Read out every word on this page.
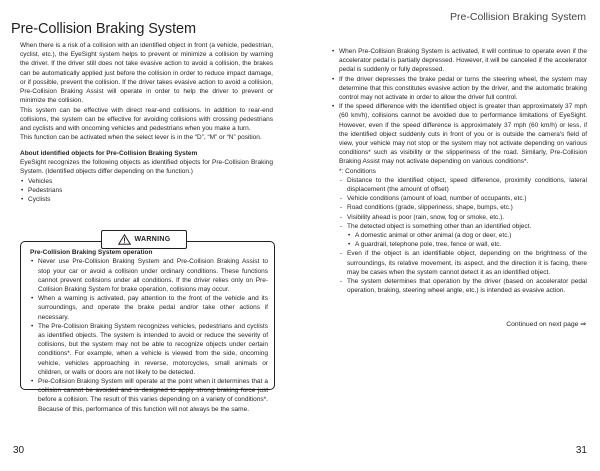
Pre-Collision Braking System
Pre-Collision Braking System

When there is a risk of a collision with an identified object in front (a vehicle, pedestrian, cyclist, etc.), the EyeSight system helps to prevent or minimize a collision by warning the driver. If the driver still does not take evasive action to avoid a collision, the brakes can be automatically applied just before the collision in order to reduce impact damage, or if possible, prevent the collision. If the driver takes evasive action to avoid a collision, Pre-Collision Braking Assist will operate in order to help the driver to prevent or minimize the collision.

This system can be effective with direct rear-end collisions. In addition to rear-end collisions, the system can be effective for avoiding collisions with crossing pedestrians and cyclists and with oncoming vehicles and pedestrians when you make a turn.

This function can be activated when the select lever is in the “D”, “M” or “N” position.

About identified objects for Pre-Collision Braking System

EyeSight recognizes the following objects as identified objects for Pre-Collision Braking System. (Identified objects differ depending on the function.)

• Vehicles
• Pedestrians
• Cyclists
WARNING

Pre-Collision Braking System operation

• Never use Pre-Collision Braking System and Pre-Collision Braking Assist to stop your car or avoid a collision under ordinary conditions. These functions cannot prevent collisions under all conditions. If the driver relies only on Pre-Collision Braking System for brake operation, collisions may occur.
• When a warning is activated, pay attention to the front of the vehicle and its surroundings, and operate the brake pedal and/or take other actions if necessary.
• The Pre-Collision Braking System recognizes vehicles, pedestrians and cyclists as identified objects. The system is intended to avoid or reduce the severity of collisions, but the system may not be able to recognize objects under certain conditions*. For example, when a vehicle is viewed from the side, oncoming vehicle, vehicles approaching in reverse, motorcycles, small animals or children, or walls or doors are not likely to be detected.
• Pre-Collision Braking System will operate at the point when it determines that a collision cannot be avoided and is designed to apply strong braking force just before a collision. The result of this varies depending on a variety of conditions*. Because of this, performance of this function will not always be the same.
• When Pre-Collision Braking System is activated, it will continue to operate even if the accelerator pedal is partially depressed. However, it will be canceled if the accelerator pedal is suddenly or fully depressed.
• If the driver depresses the brake pedal or turns the steering wheel, the system may determine that this constitutes evasive action by the driver, and the automatic braking control may not activate in order to allow the driver full control.
• If the speed difference with the identified object is greater than approximately 37 mph (60 km/h), collisions cannot be avoided due to performance limitations of EyeSight. However, even if the speed difference is approximately 37 mph (60 km/h) or less, if the identified object suddenly cuts in front of you or is outside the camera's field of view, your vehicle may not stop or the system may not activate depending on various conditions* such as visibility or the slipperiness of the road. Similarly, Pre-Collision Braking Assist may not activate depending on various conditions*.
*: Conditions
- Distance to the identified object, speed difference, proximity conditions, lateral displacement (the amount of offset)
- Vehicle conditions (amount of load, number of occupants, etc.)
- Road conditions (grade, slipperiness, shape, bumps, etc.)
- Visibility ahead is poor (rain, snow, fog or smoke, etc.).
- The detected object is something other than an identified object.
• A domestic animal or other animal (a dog or deer, etc.)
• A guardrail, telephone pole, tree, fence or wall, etc.
- Even if the object is an identifiable object, depending on the brightness of the surroundings, its relative movement, its aspect, and the direction it is facing, there may be cases when the system cannot detect it as an identified object.
- The system determines that operation by the driver (based on accelerator pedal operation, braking, steering wheel angle, etc.) is intended as evasive action.
Continued on next page ⇒
30	31
